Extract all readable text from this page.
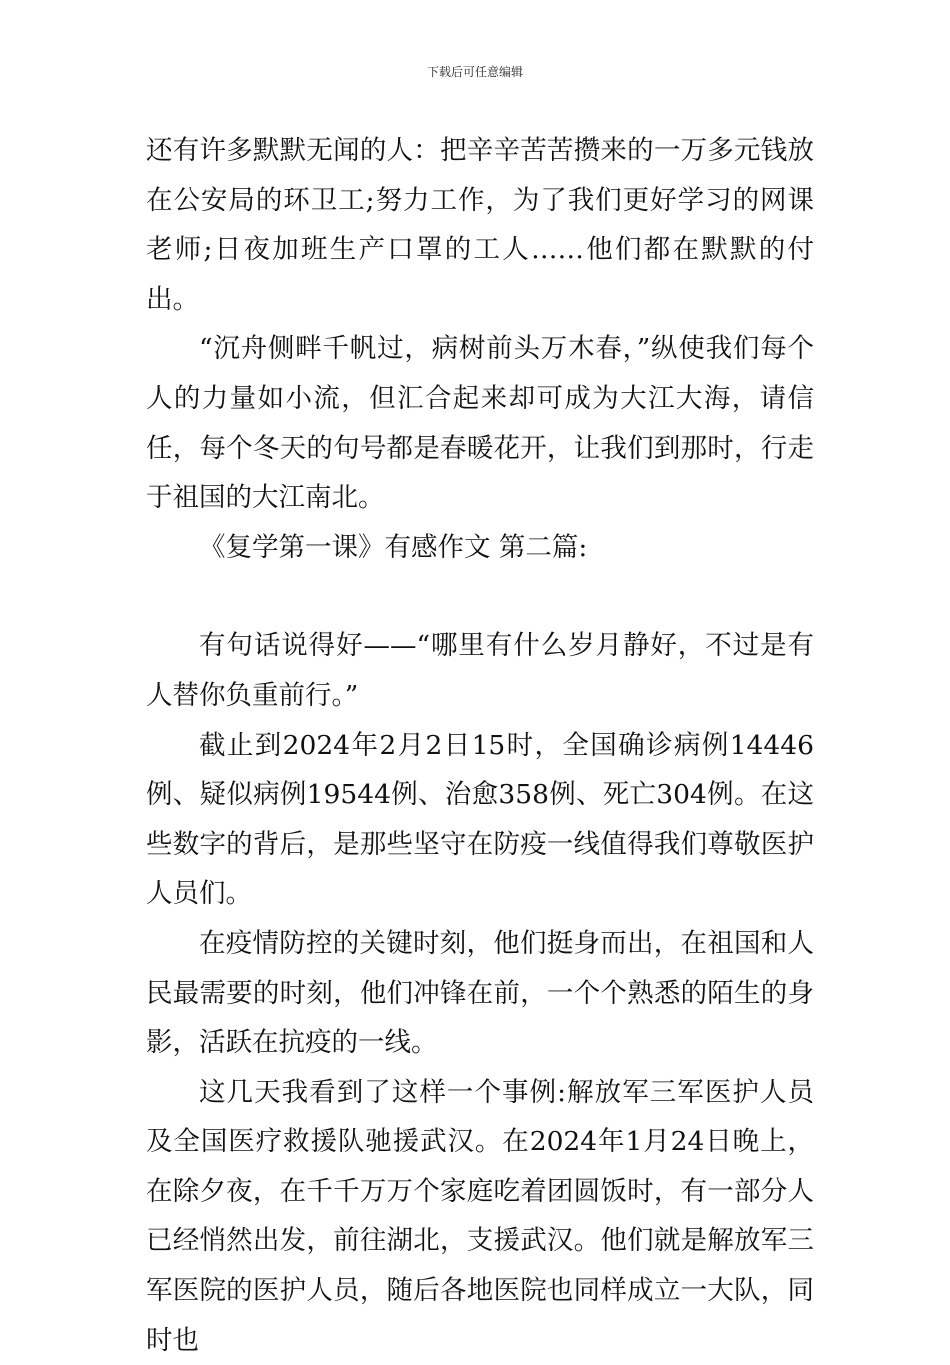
下载后可任意编辑

还有许多默默无闻的人：把辛辛苦苦攒来的一万多元钱放在公安局的环卫工;努力工作，为了我们更好学习的网课老师;日夜加班生产口罩的工人……他们都在默默的付出。

“沉舟侧畔千帆过，病树前头万木春，”纵使我们每个人的力量如小流，但汇合起来却可成为大江大海，请信任，每个冬天的句号都是春暖花开，让我们到那时，行走于祖国的大江南北。

《复学第一课》有感作文 第二篇:

有句话说得好——“哪里有什么岁月静好，不过是有人替你负重前行。”

截止到2024年2月2日15时，全国确诊病例14446例、疑似病例19544例、治愈358例、死亡304例。在这些数字的背后，是那些坚守在防疫一线值得我们尊敬医护人员们。

在疫情防控的关键时刻，他们挺身而出，在祖国和人民最需要的时刻，他们冲锋在前，一个个熟悉的陌生的身影，活跃在抗疫的一线。

这几天我看到了这样一个事例:解放军三军医护人员及全国医疗救援队驰援武汉。在2024年1月24日晚上，在除夕夜，在千千万万个家庭吃着团圆饭时，有一部分人已经悄然出发，前往湖北，支援武汉。他们就是解放军三军医院的医护人员，随后各地医院也同样成立一大队，同时也
